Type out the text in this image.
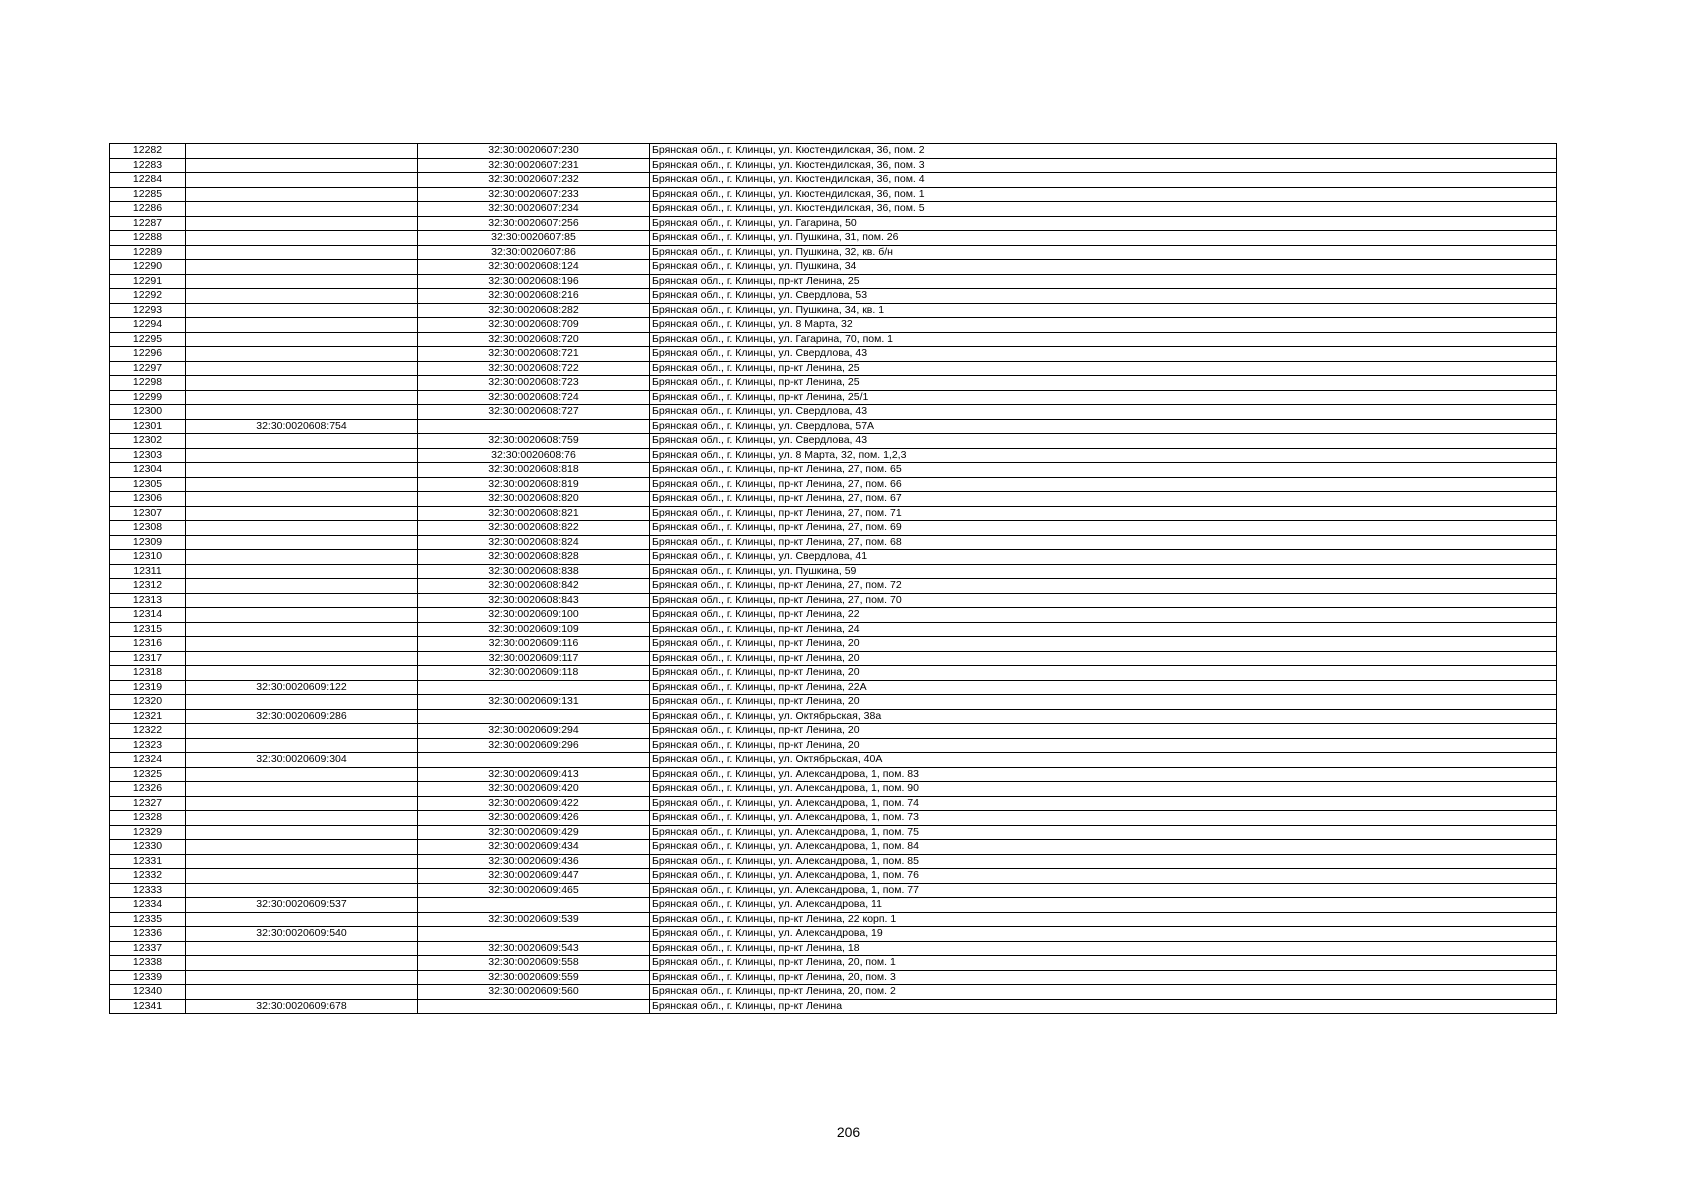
12282		32:30:0020607:230	Брянская обл., г. Клинцы, ул. Кюстендилская, 36, пом. 2
12283		32:30:0020607:231	Брянская обл., г. Клинцы, ул. Кюстендилская, 36, пом. 3
12284		32:30:0020607:232	Брянская обл., г. Клинцы, ул. Кюстендилская, 36, пом. 4
12285		32:30:0020607:233	Брянская обл., г. Клинцы, ул. Кюстендилская, 36, пом. 1
12286		32:30:0020607:234	Брянская обл., г. Клинцы, ул. Кюстендилская, 36, пом. 5
12287		32:30:0020607:256	Брянская обл., г. Клинцы, ул. Гагарина, 50
12288		32:30:0020607:85	Брянская обл., г. Клинцы, ул. Пушкина, 31, пом. 26
12289		32:30:0020607:86	Брянская обл., г. Клинцы, ул. Пушкина, 32, кв. б/н
12290		32:30:0020608:124	Брянская обл., г. Клинцы, ул. Пушкина, 34
12291		32:30:0020608:196	Брянская обл., г. Клинцы, пр-кт Ленина, 25
12292		32:30:0020608:216	Брянская обл., г. Клинцы, ул. Свердлова, 53
12293		32:30:0020608:282	Брянская обл., г. Клинцы, ул. Пушкина, 34, кв. 1
12294		32:30:0020608:709	Брянская обл., г. Клинцы, ул. 8 Марта, 32
12295		32:30:0020608:720	Брянская обл., г. Клинцы, ул. Гагарина, 70, пом. 1
12296		32:30:0020608:721	Брянская обл., г. Клинцы, ул. Свердлова, 43
12297		32:30:0020608:722	Брянская обл., г. Клинцы, пр-кт Ленина, 25
12298		32:30:0020608:723	Брянская обл., г. Клинцы, пр-кт Ленина, 25
12299		32:30:0020608:724	Брянская обл., г. Клинцы, пр-кт Ленина, 25/1
12300		32:30:0020608:727	Брянская обл., г. Клинцы, ул. Свердлова, 43
12301	32:30:0020608:754		Брянская обл., г. Клинцы, ул. Свердлова, 57А
12302		32:30:0020608:759	Брянская обл., г. Клинцы, ул. Свердлова, 43
12303		32:30:0020608:76	Брянская обл., г. Клинцы, ул. 8 Марта, 32, пом. 1,2,3
12304		32:30:0020608:818	Брянская обл., г. Клинцы, пр-кт Ленина, 27, пом. 65
12305		32:30:0020608:819	Брянская обл., г. Клинцы, пр-кт Ленина, 27, пом. 66
12306		32:30:0020608:820	Брянская обл., г. Клинцы, пр-кт Ленина, 27, пом. 67
12307		32:30:0020608:821	Брянская обл., г. Клинцы, пр-кт Ленина, 27, пом. 71
12308		32:30:0020608:822	Брянская обл., г. Клинцы, пр-кт Ленина, 27, пом. 69
12309		32:30:0020608:824	Брянская обл., г. Клинцы, пр-кт Ленина, 27, пом. 68
12310		32:30:0020608:828	Брянская обл., г. Клинцы, ул. Свердлова, 41
12311		32:30:0020608:838	Брянская обл., г. Клинцы, ул. Пушкина, 59
12312		32:30:0020608:842	Брянская обл., г. Клинцы, пр-кт Ленина, 27, пом. 72
12313		32:30:0020608:843	Брянская обл., г. Клинцы, пр-кт Ленина, 27, пом. 70
12314		32:30:0020609:100	Брянская обл., г. Клинцы, пр-кт Ленина, 22
12315		32:30:0020609:109	Брянская обл., г. Клинцы, пр-кт Ленина, 24
12316		32:30:0020609:116	Брянская обл., г. Клинцы, пр-кт Ленина, 20
12317		32:30:0020609:117	Брянская обл., г. Клинцы, пр-кт Ленина, 20
12318		32:30:0020609:118	Брянская обл., г. Клинцы, пр-кт Ленина, 20
12319	32:30:0020609:122		Брянская обл., г. Клинцы, пр-кт Ленина, 22А
12320		32:30:0020609:131	Брянская обл., г. Клинцы, пр-кт Ленина, 20
12321	32:30:0020609:286		Брянская обл., г. Клинцы, ул. Октябрьская, 38а
12322		32:30:0020609:294	Брянская обл., г. Клинцы, пр-кт Ленина, 20
12323		32:30:0020609:296	Брянская обл., г. Клинцы, пр-кт Ленина, 20
12324	32:30:0020609:304		Брянская обл., г. Клинцы, ул. Октябрьская, 40А
12325		32:30:0020609:413	Брянская обл., г. Клинцы, ул. Александрова, 1, пом. 83
12326		32:30:0020609:420	Брянская обл., г. Клинцы, ул. Александрова, 1, пом. 90
12327		32:30:0020609:422	Брянская обл., г. Клинцы, ул. Александрова, 1, пом. 74
12328		32:30:0020609:426	Брянская обл., г. Клинцы, ул. Александрова, 1, пом. 73
12329		32:30:0020609:429	Брянская обл., г. Клинцы, ул. Александрова, 1, пом. 75
12330		32:30:0020609:434	Брянская обл., г. Клинцы, ул. Александрова, 1, пом. 84
12331		32:30:0020609:436	Брянская обл., г. Клинцы, ул. Александрова, 1, пом. 85
12332		32:30:0020609:447	Брянская обл., г. Клинцы, ул. Александрова, 1, пом. 76
12333		32:30:0020609:465	Брянская обл., г. Клинцы, ул. Александрова, 1, пом. 77
12334	32:30:0020609:537		Брянская обл., г. Клинцы, ул. Александрова, 11
12335		32:30:0020609:539	Брянская обл., г. Клинцы, пр-кт Ленина, 22 корп. 1
12336	32:30:0020609:540		Брянская обл., г. Клинцы, ул. Александрова, 19
12337		32:30:0020609:543	Брянская обл., г. Клинцы, пр-кт Ленина, 18
12338		32:30:0020609:558	Брянская обл., г. Клинцы, пр-кт Ленина, 20, пом. 1
12339		32:30:0020609:559	Брянская обл., г. Клинцы, пр-кт Ленина, 20, пом. 3
12340		32:30:0020609:560	Брянская обл., г. Клинцы, пр-кт Ленина, 20, пом. 2
12341	32:30:0020609:678		Брянская обл., г. Клинцы, пр-кт Ленина
206
